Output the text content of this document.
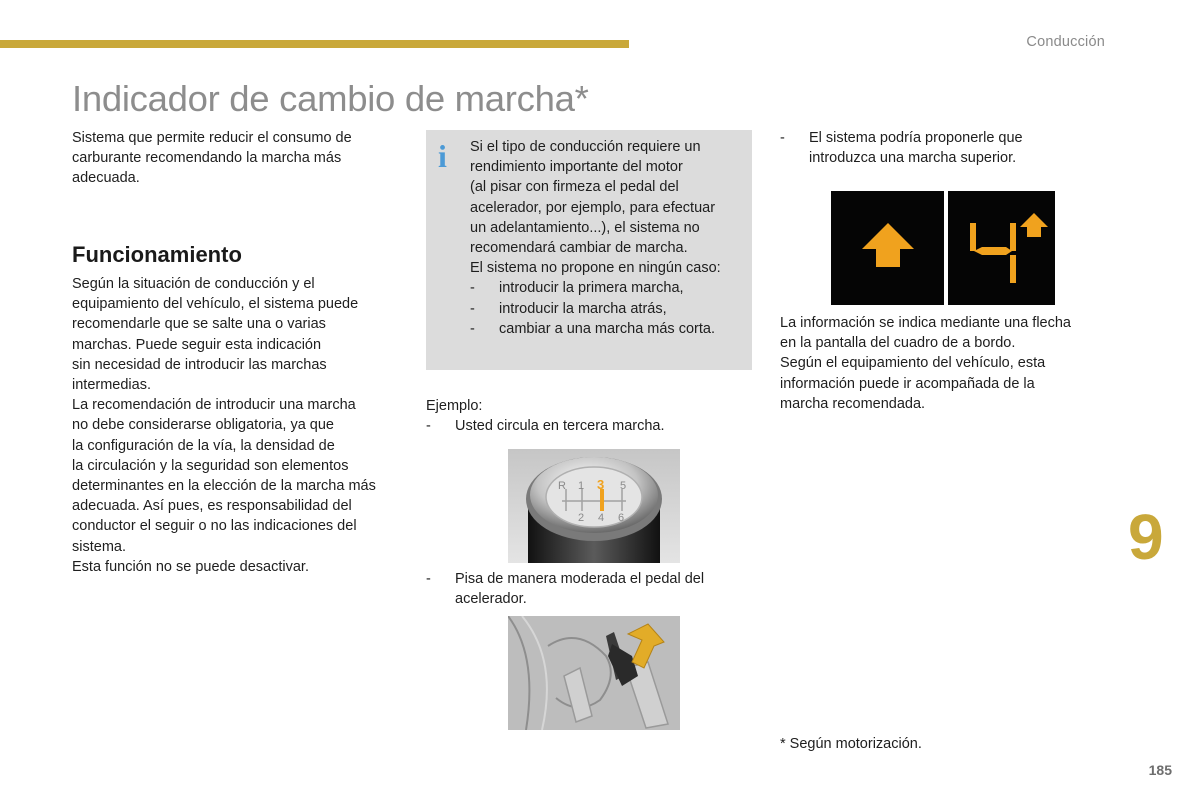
Conducción
Indicador de cambio de marcha*
Sistema que permite reducir el consumo de
carburante recomendando la marcha más
adecuada.
Funcionamiento
Según la situación de conducción y el
equipamiento del vehículo, el sistema puede
recomendarle que se salte una o varias
marchas. Puede seguir esta indicación
sin necesidad de introducir las marchas
intermedias.
La recomendación de introducir una marcha
no debe considerarse obligatoria, ya que
la configuración de la vía, la densidad de
la circulación y la seguridad son elementos
determinantes en la elección de la marcha más
adecuada. Así pues, es responsabilidad del
conductor el seguir o no las indicaciones del
sistema.
Esta función no se puede desactivar.
i Si el tipo de conducción requiere un
rendimiento importante del motor
(al pisar con firmeza el pedal del
acelerador, por ejemplo, para efectuar
un adelantamiento...), el sistema no
recomendará cambiar de marcha.
El sistema no propone en ningún caso:
- introducir la primera marcha,
- introducir la marcha atrás,
- cambiar a una marcha más corta.
Ejemplo:
- Usted circula en tercera marcha.
R 1 3 5
2 4 6
- Pisa de manera moderada el pedal del
acelerador.
- El sistema podría proponerle que
introduzca una marcha superior.
4
La información se indica mediante una flecha
en la pantalla del cuadro de a bordo.
Según el equipamiento del vehículo, esta
información puede ir acompañada de la
marcha recomendada.
* Según motorización.
9
185
